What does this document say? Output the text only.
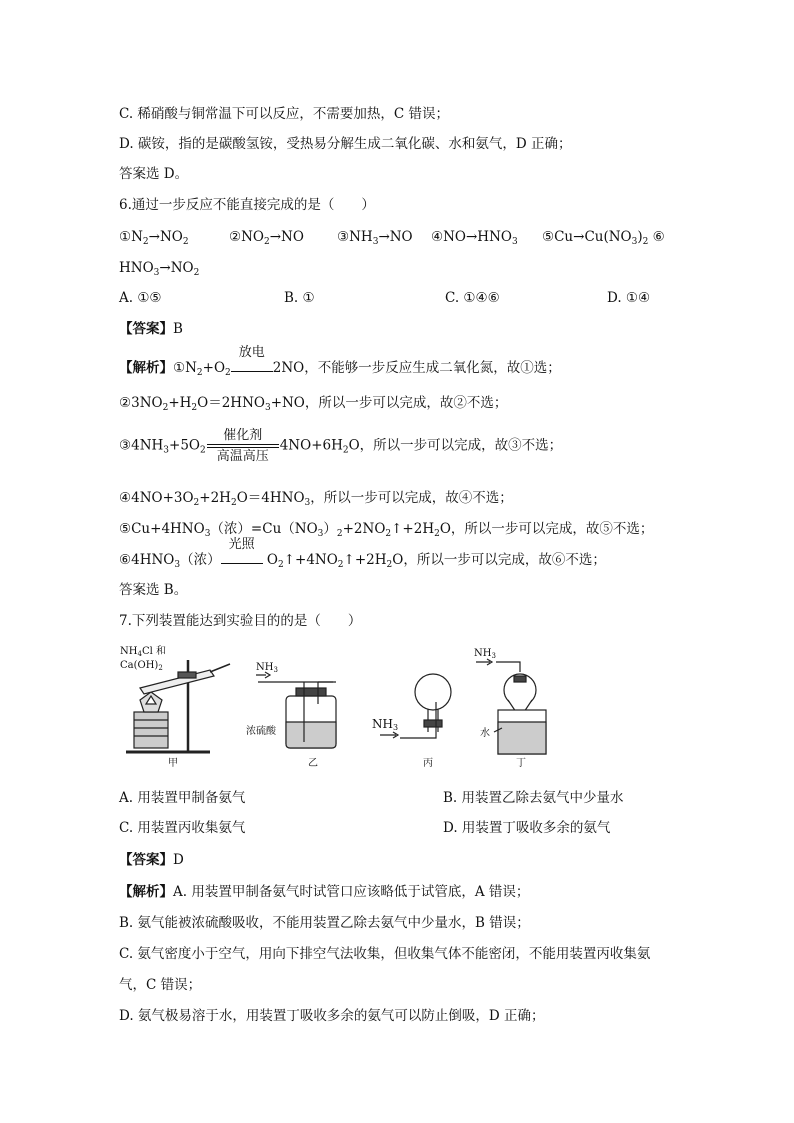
C. 稀硝酸与铜常温下可以反应，不需要加热，C 错误；
D. 碳铵，指的是碳酸氢铵，受热易分解生成二氧化碳、水和氨气，D 正确；
答案选 D。
6.通过一步反应不能直接完成的是（　　）
$①N_2\to NO_2$	$②NO_2\to NO$ $③NH_3\to NO$ $④NO\to HNO_3$ $⑤Cu\to Cu(NO_3)_2$ ⑥
$HNO_3\to NO_2$
A. ①⑤	B. ①	C. ①④⑥	D. ①④
【答案】B
【解析】$①N_2+O_2$
放电
2NO，不能够一步反应生成二氧化氮，故①选；
$②3NO_2+H_2O=2HNO_3+NO$，所以一步可以完成，故②不选；
$③4NH_3+5O_2$
催化剂
高温高压
$4NO+6H_2O$，所以一步可以完成，故③不选；
$④4NO+3O_2+2H_2O=4HNO_3$，所以一步可以完成，故④不选；
$⑤Cu+4HNO_3$（浓）$=Cu(NO_3)_2+2NO_2↑+2H_2O$，所以一步可以完成，故⑤不选；
$⑥4HNO_3$（浓）
光照
$O_2↑+4NO_2↑+2H_2O$，所以一步可以完成，故⑥不选；
答案选 B。
7.下列装置能达到实验目的的是（　　）
$NH_4Cl$ 和
$Ca(OH)_2$	$NH_3$
浓硫酸
NH3
$NH_3$
水
甲	乙	丙	丁
A. 用装置甲制备氨气	B. 用装置乙除去氨气中少量水
C. 用装置丙收集氨气	D. 用装置丁吸收多余的氨气
【答案】D
【解析】A. 用装置甲制备氨气时试管口应该略低于试管底，A 错误；
B. 氨气能被浓硫酸吸收，不能用装置乙除去氨气中少量水，B 错误；
C. 氨气密度小于空气，用向下排空气法收集，但收集气体不能密闭，不能用装置丙收集氨
气，C 错误；
D. 氨气极易溶于水，用装置丁吸收多余的氨气可以防止倒吸，D 正确；
